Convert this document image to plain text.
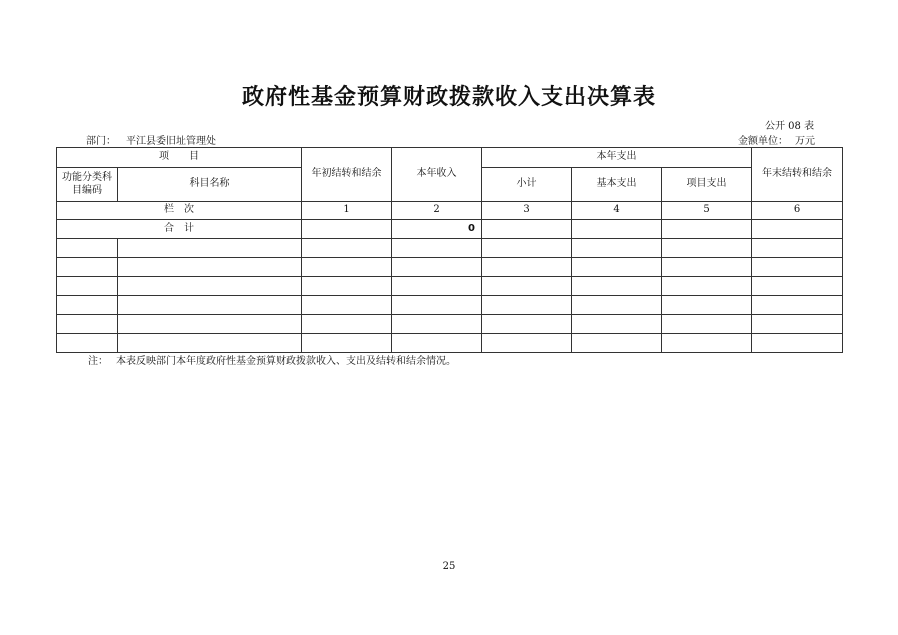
政府性基金预算财政拨款收入支出决算表
公开 08 表
部门： 平江县委旧址管理处	金额单位： 万元
项　　目		年初结转和结余	本年收入	本年支出			年末结转和结余
功能分类科目编码	科目名称			小计	基本支出	项目支出	
栏　次		1	2	3	4	5	6
合　计			0				

注： 本表反映部门本年度政府性基金预算财政拨款收入、支出及结转和结余情况。
25
